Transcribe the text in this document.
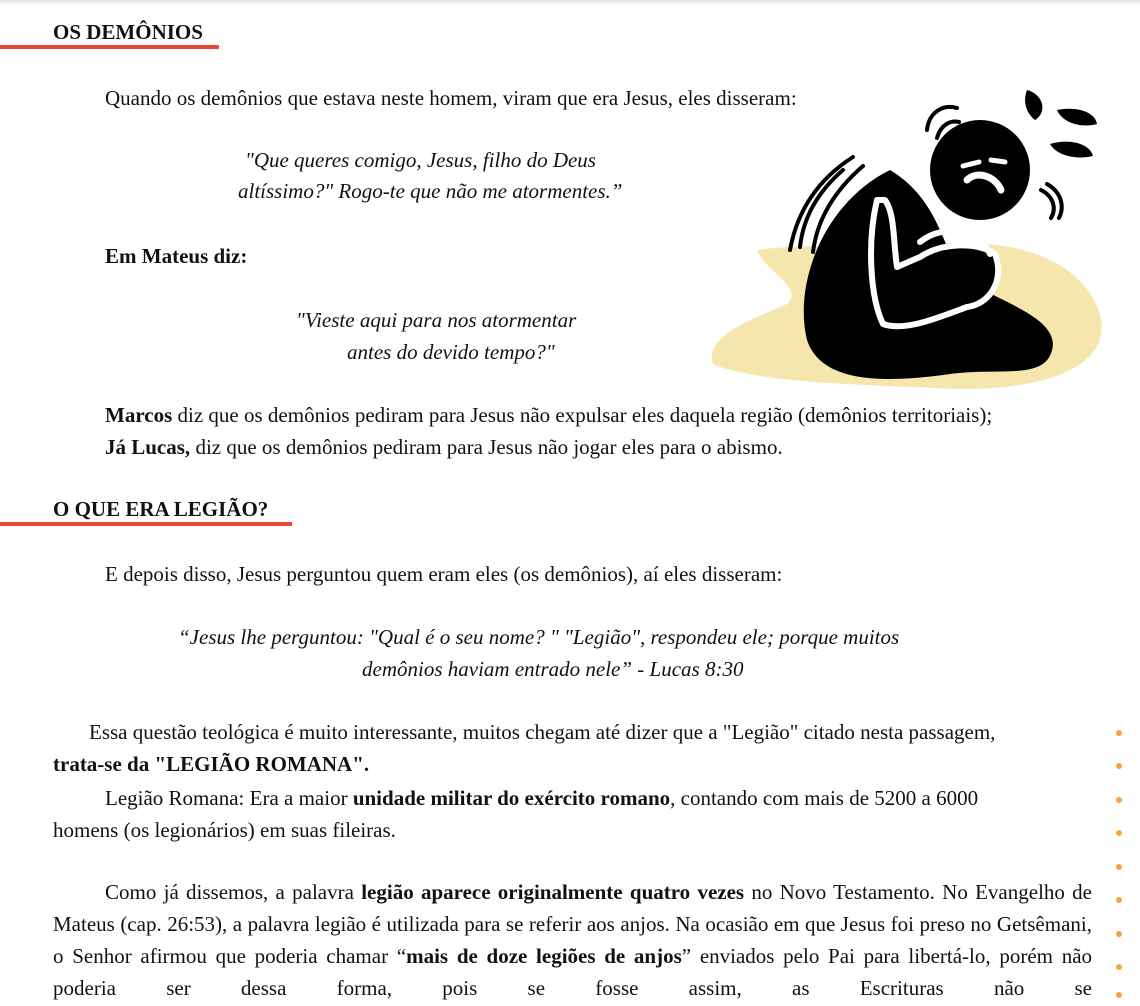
OS DEMÔNIOS
Quando os demônios que estava neste homem, viram que era Jesus, eles disseram:
"Que queres comigo, Jesus, filho do Deus
altíssimo?" Rogo-te que não me atormentes.”
Em Mateus diz:
"Vieste aqui para nos atormentar
antes do devido tempo?"
Marcos diz que os demônios pediram para Jesus não expulsar eles daquela região (demônios territoriais);
Já Lucas, diz que os demônios pediram para Jesus não jogar eles para o abismo.
O QUE ERA LEGIÃO?
E depois disso, Jesus perguntou quem eram eles (os demônios), aí eles disseram:
“Jesus lhe perguntou: "Qual é o seu nome? " "Legião", respondeu ele; porque muitos
demônios haviam entrado nele” - Lucas 8:30
Essa questão teológica é muito interessante, muitos chegam até dizer que a "Legião" citado nesta passagem,
trata-se da "LEGIÃO ROMANA".
Legião Romana: Era a maior unidade militar do exército romano, contando com mais de 5200 a 6000
homens (os legionários) em suas fileiras.
Como já dissemos, a palavra legião aparece originalmente quatro vezes no Novo Testamento. No Evangelho de Mateus (cap. 26:53), a palavra legião é utilizada para se referir aos anjos. Na ocasião em que Jesus foi preso no Getsêmani, o Senhor afirmou que poderia chamar “mais de doze legiões de anjos” enviados pelo Pai para libertá-lo, porém não poderia ser dessa forma, pois se fosse assim, as Escrituras não se
